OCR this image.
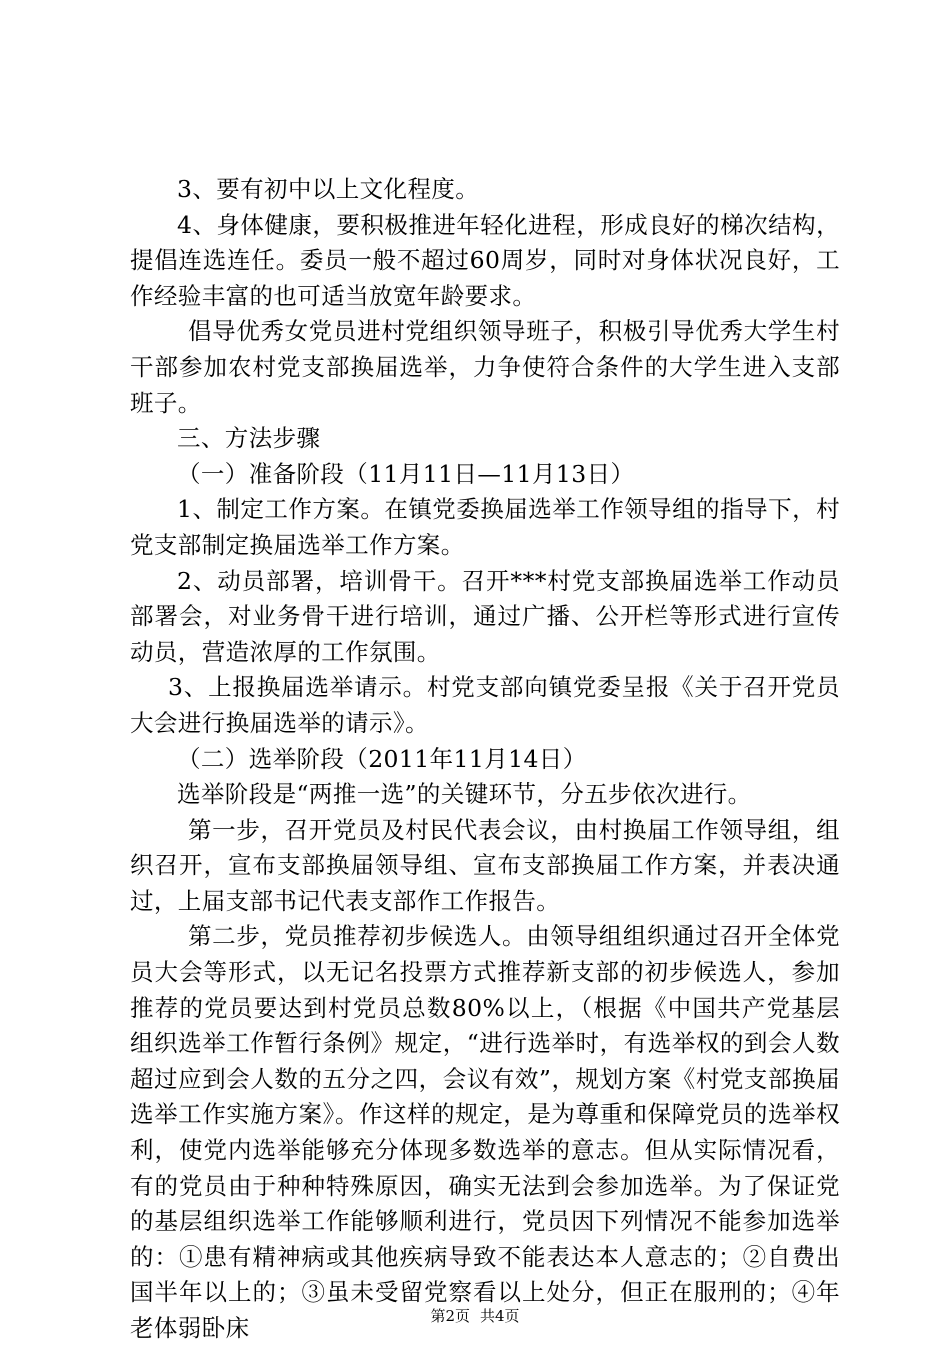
3、要有初中以上文化程度。

4、身体健康，要积极推进年轻化进程，形成良好的梯次结构，提倡连选连任。委员一般不超过60周岁，同时对身体状况良好，工作经验丰富的也可适当放宽年龄要求。

倡导优秀女党员进村党组织领导班子，积极引导优秀大学生村干部参加农村党支部换届选举，力争使符合条件的大学生进入支部班子。

三、方法步骤

（一）准备阶段（11月11日—11月13日）

1、制定工作方案。在镇党委换届选举工作领导组的指导下，村党支部制定换届选举工作方案。

2、动员部署，培训骨干。召开***村党支部换届选举工作动员部署会，对业务骨干进行培训，通过广播、公开栏等形式进行宣传动员，营造浓厚的工作氛围。

3、上报换届选举请示。村党支部向镇党委呈报《关于召开党员大会进行换届选举的请示》。

（二）选举阶段（2011年11月14日）

选举阶段是“两推一选”的关键环节，分五步依次进行。

第一步，召开党员及村民代表会议，由村换届工作领导组，组织召开，宣布支部换届领导组、宣布支部换届工作方案，并表决通过，上届支部书记代表支部作工作报告。

第二步，党员推荐初步候选人。由领导组组织通过召开全体党员大会等形式，以无记名投票方式推荐新支部的初步候选人，参加推荐的党员要达到村党员总数80%以上，（根据《中国共产党基层组织选举工作暂行条例》规定，“进行选举时，有选举权的到会人数超过应到会人数的五分之四，会议有效”，规划方案《村党支部换届选举工作实施方案》。作这样的规定，是为尊重和保障党员的选举权利，使党内选举能够充分体现多数选举的意志。但从实际情况看，有的党员由于种种特殊原因，确实无法到会参加选举。为了保证党的基层组织选举工作能够顺利进行，党员因下列情况不能参加选举的：①患有精神病或其他疾病导致不能表达本人意志的；②自费出国半年以上的；③虽未受留党察看以上处分，但正在服刑的；④年老体弱卧床	第2页 共4页
